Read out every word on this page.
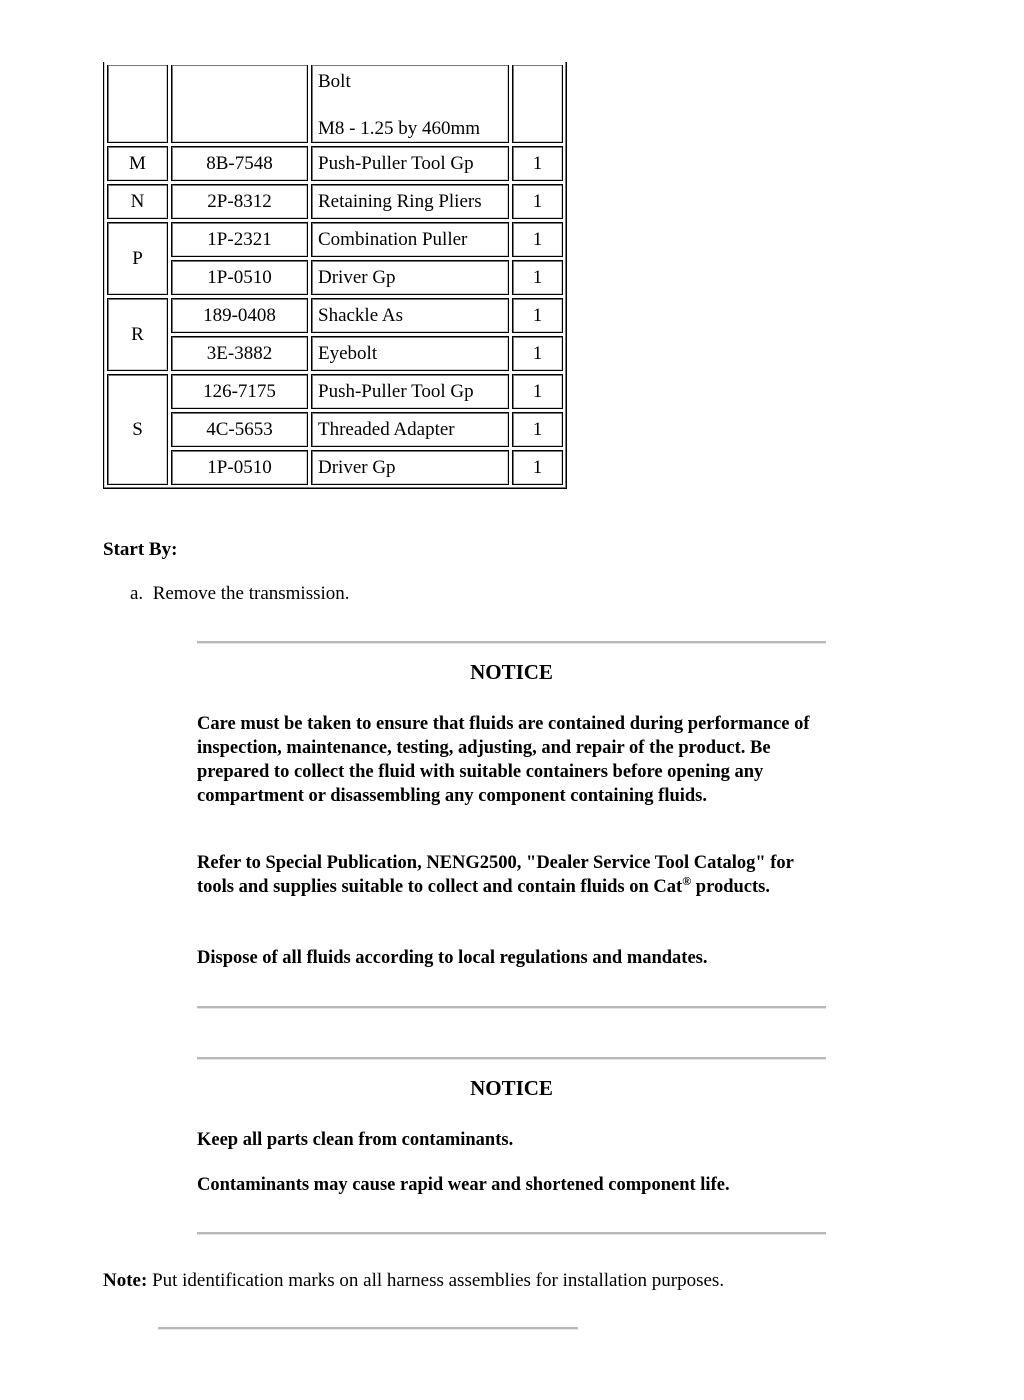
		Bolt
M8 - 1.25 by 460mm	

M	8B-7548	Push-Puller Tool Gp	1
N	2P-8312	Retaining Ring Pliers	1
P	1P-2321	Combination Puller	1
	1P-0510	Driver Gp	1
R	189-0408	Shackle As	1
	3E-3882	Eyebolt	1
S	126-7175	Push-Puller Tool Gp	1
	4C-5653	Threaded Adapter	1
	1P-0510	Driver Gp	1

Start By:

a. Remove the transmission.

NOTICE

Care must be taken to ensure that fluids are contained during performance of inspection, maintenance, testing, adjusting, and repair of the product. Be prepared to collect the fluid with suitable containers before opening any compartment or disassembling any component containing fluids.

Refer to Special Publication, NENG2500, "Dealer Service Tool Catalog" for tools and supplies suitable to collect and contain fluids on Cat® products.

Dispose of all fluids according to local regulations and mandates.

NOTICE

Keep all parts clean from contaminants.

Contaminants may cause rapid wear and shortened component life.

Note: Put identification marks on all harness assemblies for installation purposes.
